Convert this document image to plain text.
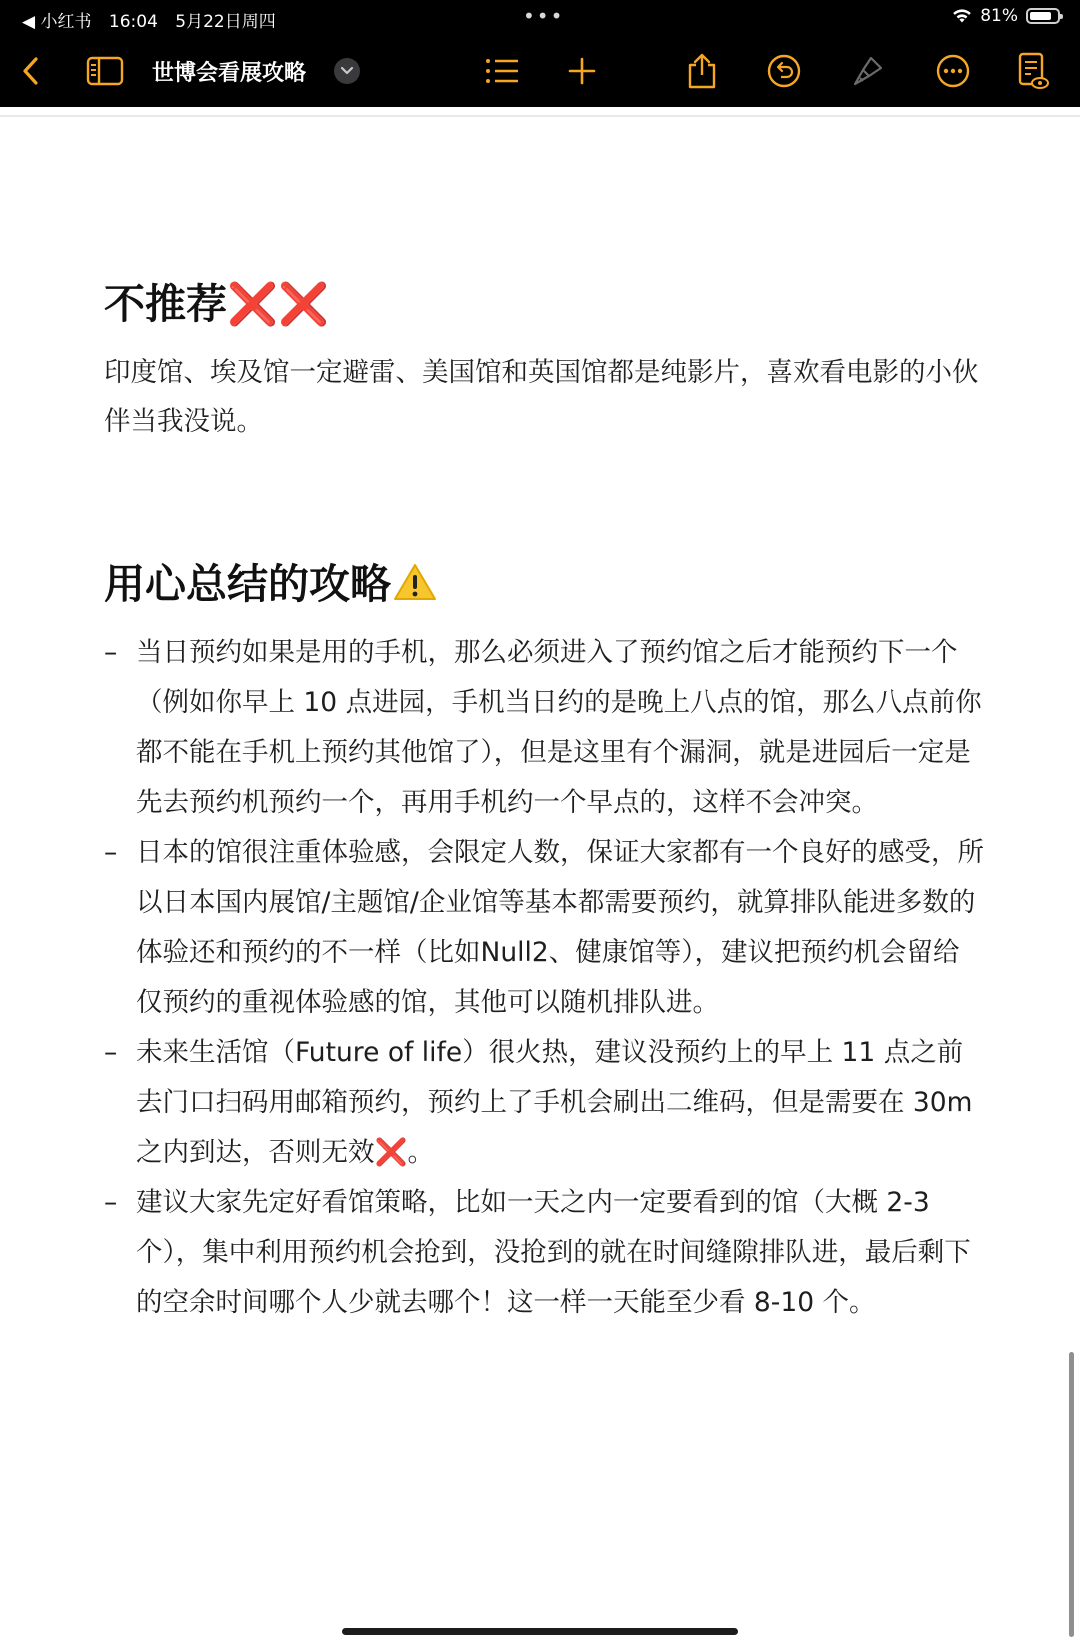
◀ 小红书 16:04 5月22日周四	•••	81%
世博会看展攻略
不推荐❌❌

印度馆、埃及馆一定避雷、美国馆和英国馆都是纯影片，喜欢看电影的小伙伴当我没说。

用心总结的攻略
– 当日预约如果是用的手机，那么必须进入了预约馆之后才能预约下一个（例如你早上 10 点进园，手机当日约的是晚上八点的馆，那么八点前你都不能在手机上预约其他馆了），但是这里有个漏洞，就是进园后一定是先去预约机预约一个，再用手机约一个早点的，这样不会冲突。
– 日本的馆很注重体验感，会限定人数，保证大家都有一个良好的感受，所以日本国内展馆/主题馆/企业馆等基本都需要预约，就算排队能进多数的体验还和预约的不一样（比如Null2、健康馆等），建议把预约机会留给仅预约的重视体验感的馆，其他可以随机排队进。
– 未来生活馆（Future of life）很火热，建议没预约上的早上 11 点之前去门口扫码用邮箱预约，预约上了手机会刷出二维码，但是需要在 30m 之内到达，否则无效❌。
– 建议大家先定好看馆策略，比如一天之内一定要看到的馆（大概 2-3 个），集中利用预约机会抢到，没抢到的就在时间缝隙排队进，最后剩下的空余时间哪个人少就去哪个！这一样一天能至少看 8-10 个。
